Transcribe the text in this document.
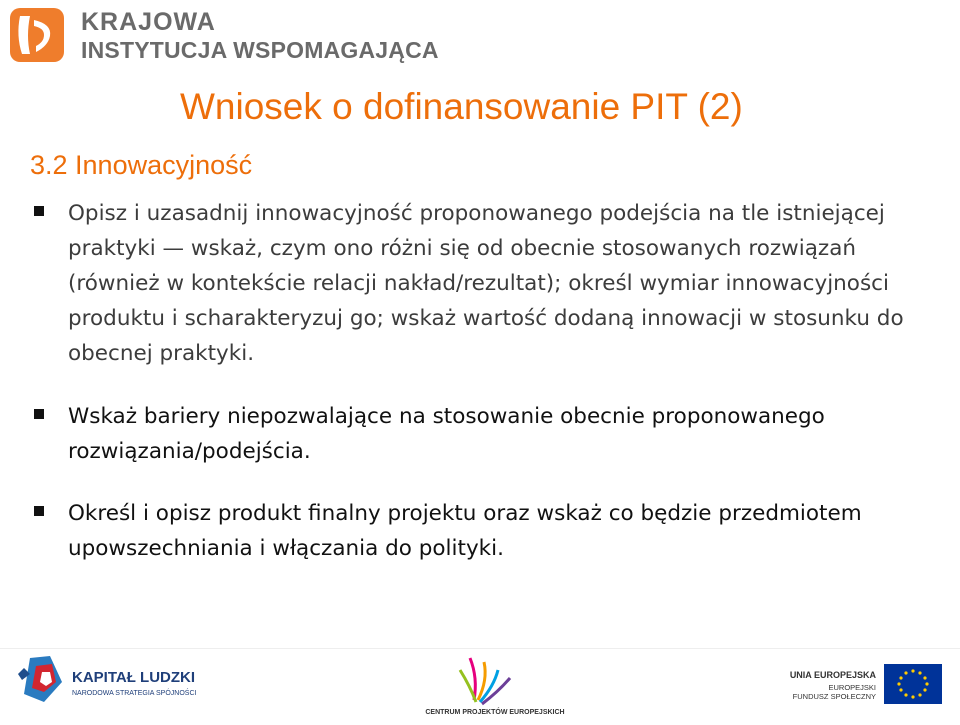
KRAJOWA
INSTYTUCJA WSPOMAGAJĄCA
Wniosek o dofinansowanie PIT (2)
3.2 Innowacyjność
Opisz i uzasadnij innowacyjność proponowanego podejścia na tle istniejącej praktyki — wskaż, czym ono różni się od obecnie stosowanych rozwiązań (również w kontekście relacji nakład/rezultat); określ wymiar innowacyjności produktu i scharakteryzuj go; wskaż wartość dodaną innowacji w stosunku do obecnej praktyki.
Wskaż bariery niepozwalające na stosowanie obecnie proponowanego rozwiązania/podejścia.
Określ i opisz produkt finalny projektu oraz wskaż co będzie przedmiotem upowszechniania i włączania do polityki.
KAPITAŁ LUDZKI
NARODOWA STRATEGIA SPÓJNOŚCI
CENTRUM PROJEKTÓW EUROPEJSKICH
UNIA EUROPEJSKA
EUROPEJSKI
FUNDUSZ SPOŁECZNY
